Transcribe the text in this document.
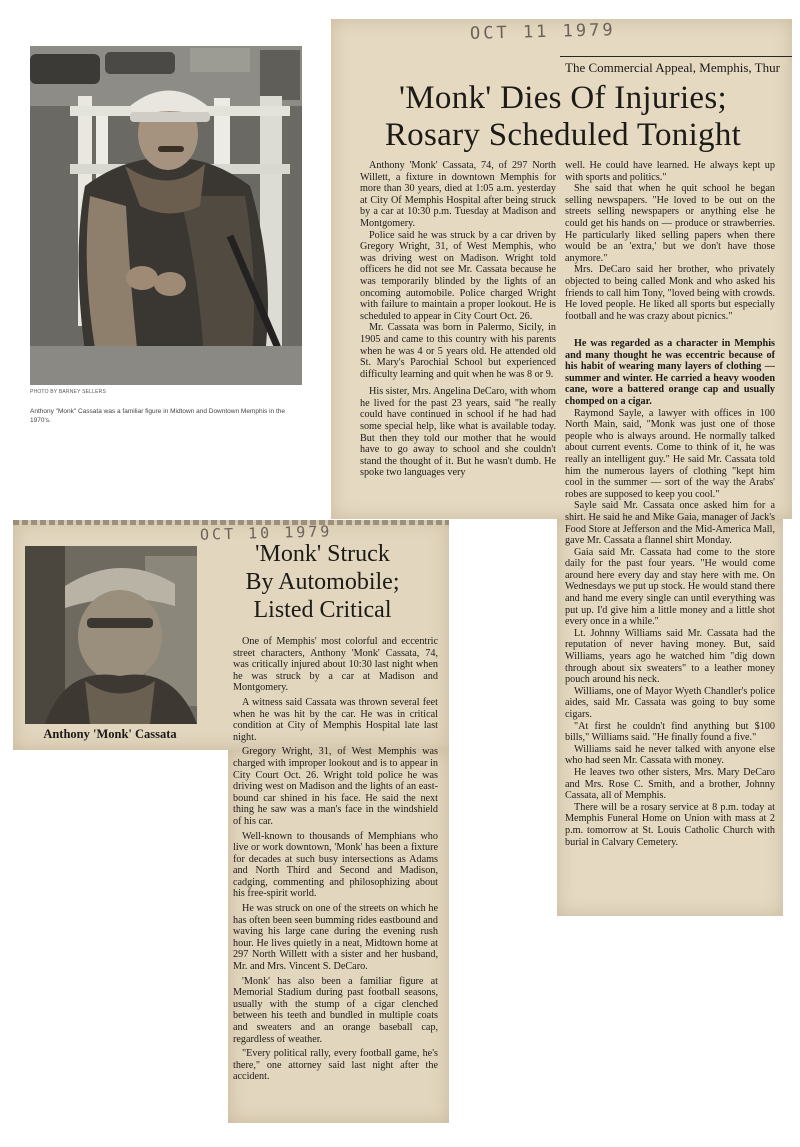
PHOTO BY BARNEY SELLERS
Anthony "Monk" Cassata was a familiar figure in Midtown and Downtown Memphis in the 1970's.
OCT 11 1979
The Commercial Appeal, Memphis, Thur
'Monk' Dies Of Injuries;
Rosary Scheduled Tonight

Anthony 'Monk' Cassata, 74, of 297 North Willett, a fixture in downtown Memphis for more than 30 years, died at 1:05 a.m. yesterday at City Of Memphis Hospital after being struck by a car at 10:30 p.m. Tuesday at Madison and Montgomery.

Police said he was struck by a car driven by Gregory Wright, 31, of West Memphis, who was driving west on Madison. Wright told officers he did not see Mr. Cassata because he was temporarily blinded by the lights of an oncoming automobile. Police charged Wright with failure to maintain a proper lookout. He is scheduled to appear in City Court Oct. 26.

Mr. Cassata was born in Palermo, Sicily, in 1905 and came to this country with his parents when he was 4 or 5 years old. He attended old St. Mary's Parochial School but experienced difficulty learning and quit when he was 8 or 9.

His sister, Mrs. Angelina DeCaro, with whom he lived for the past 23 years, said "he really could have continued in school if he had had some special help, like what is available today. But then they told our mother that he would have to go away to school and she couldn't stand the thought of it. But he wasn't dumb. He spoke two languages very

well. He could have learned. He always kept up with sports and politics."

She said that when he quit school he began selling newspapers. "He loved to be out on the streets selling newspapers or anything else he could get his hands on — produce or strawberries. He particularly liked selling papers when there would be an 'extra,' but we don't have those anymore."

Mrs. DeCaro said her brother, who privately objected to being called Monk and who asked his friends to call him Tony, "loved being with crowds. He loved people. He liked all sports but especially football and he was crazy about picnics."

He was regarded as a character in Memphis and many thought he was eccentric because of his habit of wearing many layers of clothing — summer and winter. He carried a heavy wooden cane, wore a battered orange cap and usually chomped on a cigar.

Raymond Sayle, a lawyer with offices in 100 North Main, said, "Monk was just one of those people who is always around. He normally talked about current events. Come to think of it, he was really an intelligent guy." He said Mr. Cassata told him the numerous layers of clothing "kept him cool in the summer — sort of the way the Arabs' robes are supposed to keep you cool."

Sayle said Mr. Cassata once asked him for a shirt. He said he and Mike Gaia, manager of Jack's Food Store at Jefferson and the Mid-America Mall, gave Mr. Cassata a flannel shirt Monday.

Gaia said Mr. Cassata had come to the store daily for the past four years. "He would come around here every day and stay here with me. On Wednesdays we put up stock. He would stand there and hand me every single can until everything was put up. I'd give him a little money and a little shot every once in a while."

Lt. Johnny Williams said Mr. Cassata had the reputation of never having money. But, said Williams, years ago he watched him "dig down through about six sweaters" to a leather money pouch around his neck.

Williams, one of Mayor Wyeth Chandler's police aides, said Mr. Cassata was going to buy some cigars.

"At first he couldn't find anything but $100 bills," Williams said. "He finally found a five."

Williams said he never talked with anyone else who had seen Mr. Cassata with money.

He leaves two other sisters, Mrs. Mary DeCaro and Mrs. Rose C. Smith, and a brother, Johnny Cassata, all of Memphis.

There will be a rosary service at 8 p.m. today at Memphis Funeral Home on Union with mass at 2 p.m. tomorrow at St. Louis Catholic Church with burial in Calvary Cemetery.

OCT 10 1979
Anthony 'Monk' Cassata
'Monk' Struck
By Automobile;
Listed Critical

One of Memphis' most colorful and eccentric street characters, Anthony 'Monk' Cassata, 74, was critically injured about 10:30 last night when he was struck by a car at Madison and Montgomery.

A witness said Cassata was thrown several feet when he was hit by the car. He was in critical condition at City of Memphis Hospital late last night.

Gregory Wright, 31, of West Memphis was charged with improper lookout and is to appear in City Court Oct. 26. Wright told police he was driving west on Madison and the lights of an east-bound car shined in his face. He said the next thing he saw was a man's face in the windshield of his car.

Well-known to thousands of Memphians who live or work downtown, 'Monk' has been a fixture for decades at such busy intersections as Adams and North Third and Second and Madison, cadging, commenting and philosophizing about his free-spirit world.

He was struck on one of the streets on which he has often been seen bumming rides eastbound and waving his large cane during the evening rush hour. He lives quietly in a neat, Midtown home at 297 North Willett with a sister and her husband, Mr. and Mrs. Vincent S. DeCaro.

'Monk' has also been a familiar figure at Memorial Stadium during past football seasons, usually with the stump of a cigar clenched between his teeth and bundled in multiple coats and sweaters and an orange baseball cap, regardless of weather.

"Every political rally, every football game, he's there," one attorney said last night after the accident.
